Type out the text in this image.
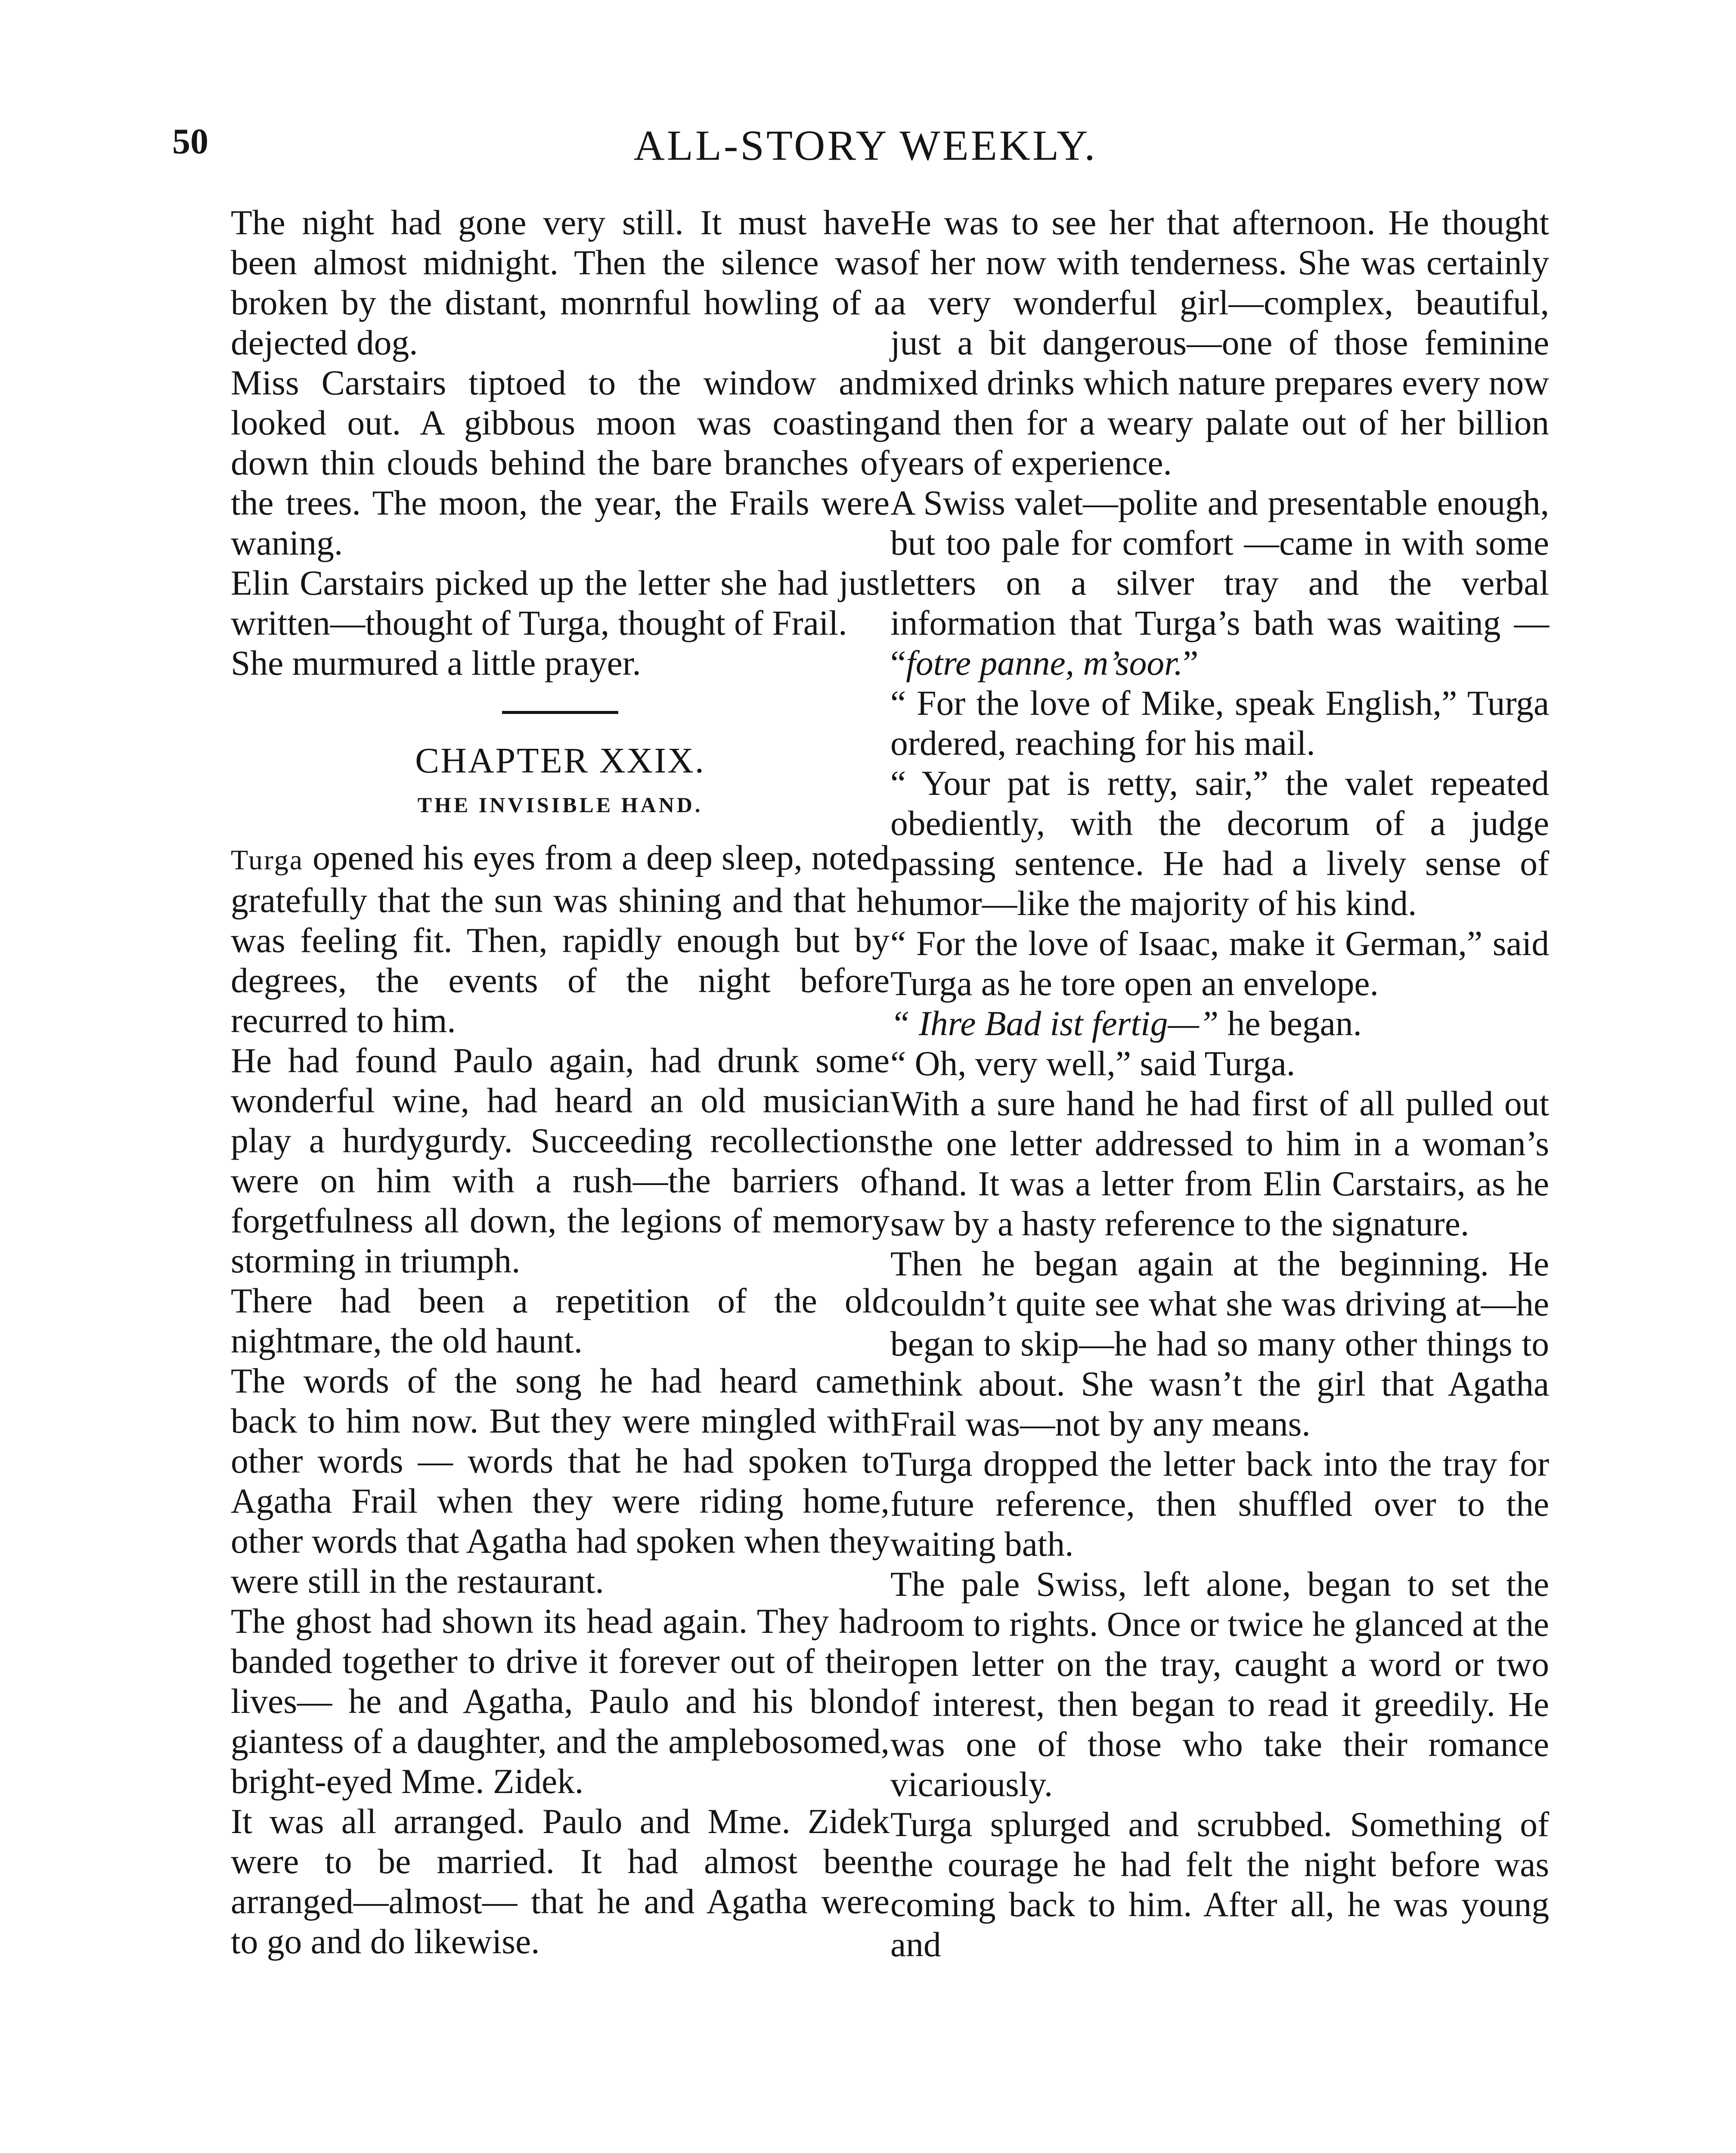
50	ALL-STORY WEEKLY.

The night had gone very still. It must have been almost midnight. Then the silence was broken by the distant, monrnful howling of a dejected dog.

Miss Carstairs tiptoed to the window and looked out. A gibbous moon was coasting down thin clouds behind the bare branches of the trees. The moon, the year, the Frails were waning.

Elin Carstairs picked up the letter she had just written—thought of Turga, thought of Frail.

She murmured a little prayer.

CHAPTER XXIX.
THE INVISIBLE HAND.

Turga opened his eyes from a deep sleep, noted gratefully that the sun was shining and that he was feeling fit. Then, rapidly enough but by degrees, the events of the night before recurred to him.

He had found Paulo again, had drunk some wonderful wine, had heard an old musician play a hurdygurdy. Succeeding recollections were on him with a rush—the barriers of forgetfulness all down, the legions of memory storming in triumph.

There had been a repetition of the old nightmare, the old haunt.

The words of the song he had heard came back to him now. But they were mingled with other words — words that he had spoken to Agatha Frail when they were riding home, other words that Agatha had spoken when they were still in the restaurant.

The ghost had shown its head again. They had banded together to drive it forever out of their lives— he and Agatha, Paulo and his blond giantess of a daughter, and the amplebosomed, bright-eyed Mme. Zidek.

It was all arranged. Paulo and Mme. Zidek were to be married. It had almost been arranged—almost— that he and Agatha were to go and do likewise.

He was to see her that afternoon. He thought of her now with tenderness. She was certainly a very wonderful girl—complex, beautiful, just a bit dangerous—one of those feminine mixed drinks which nature prepares every now and then for a weary palate out of her billion years of experience.

A Swiss valet—polite and presentable enough, but too pale for comfort —came in with some letters on a silver tray and the verbal information that Turga’s bath was waiting — “fotre panne, m’soor.”

“ For the love of Mike, speak English,” Turga ordered, reaching for his mail.

“ Your pat is retty, sair,” the valet repeated obediently, with the decorum of a judge passing sentence. He had a lively sense of humor—like the majority of his kind.

“ For the love of Isaac, make it German,” said Turga as he tore open an envelope.

“ Ihre Bad ist fertig—” he began.

“ Oh, very well,” said Turga.

With a sure hand he had first of all pulled out the one letter addressed to him in a woman’s hand. It was a letter from Elin Carstairs, as he saw by a hasty reference to the signature.

Then he began again at the beginning. He couldn’t quite see what she was driving at—he began to skip—he had so many other things to think about. She wasn’t the girl that Agatha Frail was—not by any means.

Turga dropped the letter back into the tray for future reference, then shuffled over to the waiting bath.

The pale Swiss, left alone, began to set the room to rights. Once or twice he glanced at the open letter on the tray, caught a word or two of interest, then began to read it greedily. He was one of those who take their romance vicariously.

Turga splurged and scrubbed. Something of the courage he had felt the night before was coming back to him. After all, he was young and
